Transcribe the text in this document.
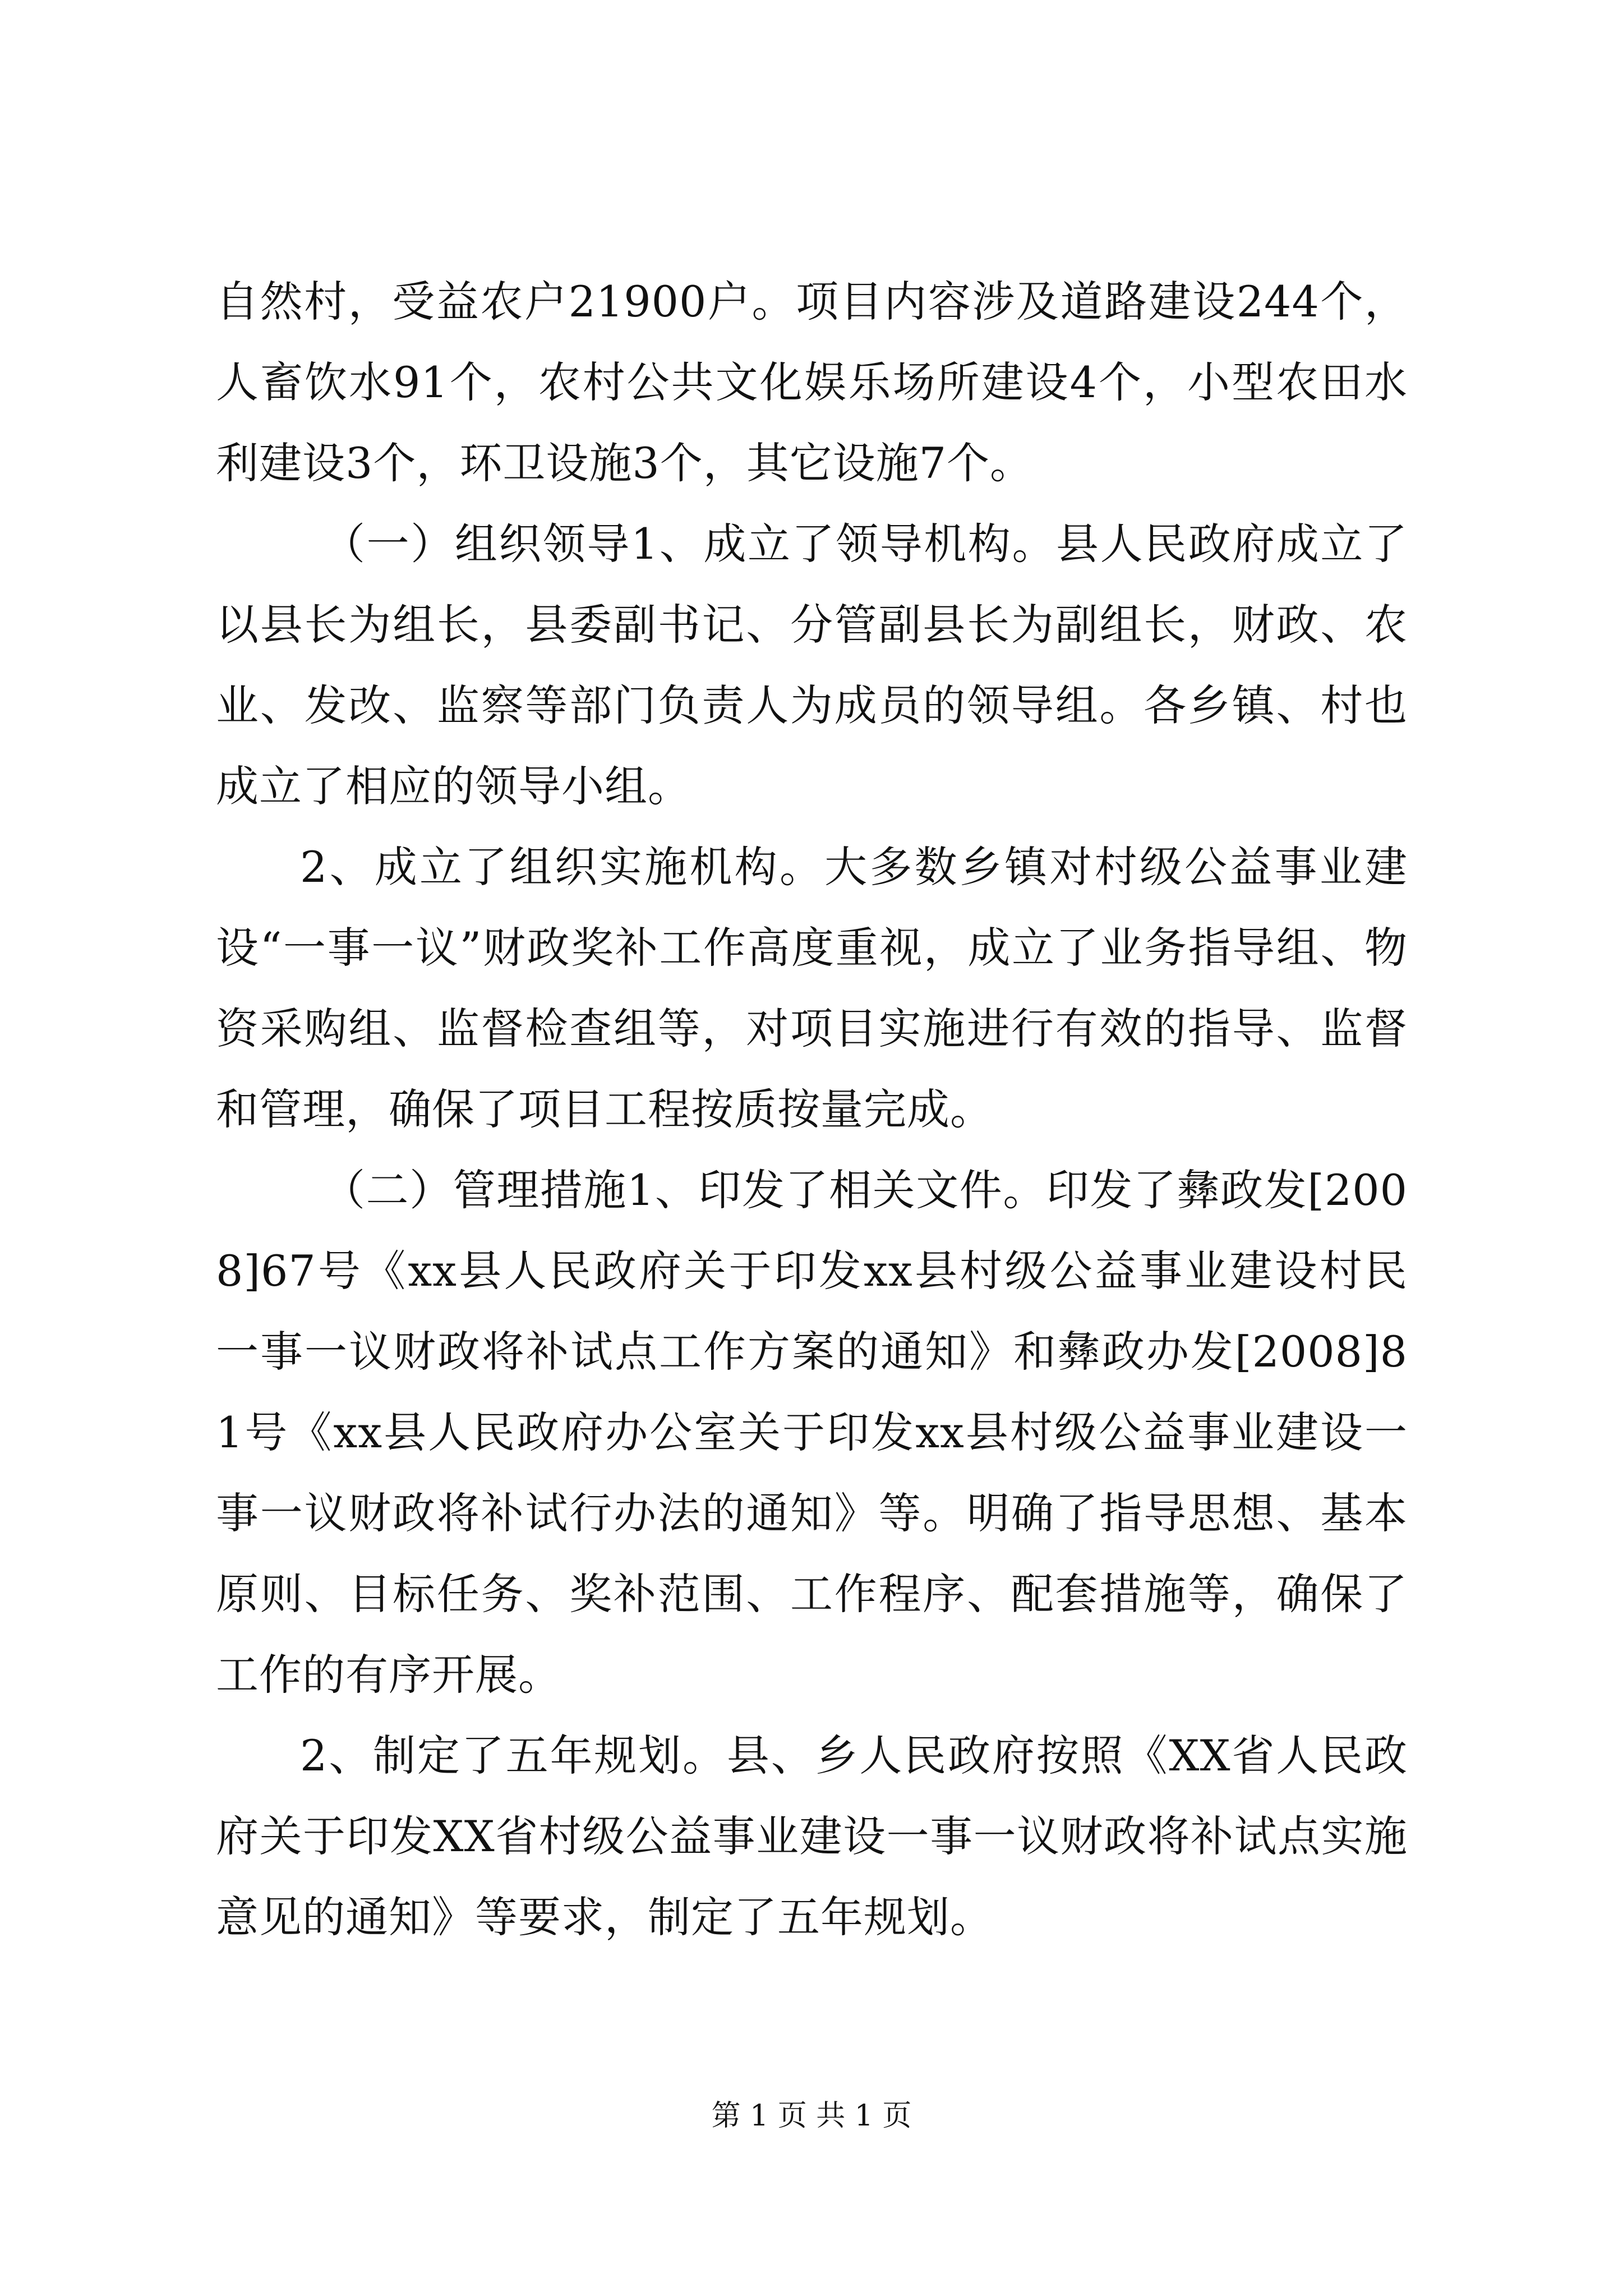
自然村，受益农户21900户。项目内容涉及道路建设244个，人畜饮水91个，农村公共文化娱乐场所建设4个，小型农田水利建设3个，环卫设施3个，其它设施7个。

（一）组织领导1、成立了领导机构。县人民政府成立了以县长为组长，县委副书记、分管副县长为副组长，财政、农业、发改、监察等部门负责人为成员的领导组。各乡镇、村也成立了相应的领导小组。

2、成立了组织实施机构。大多数乡镇对村级公益事业建设“一事一议”财政奖补工作高度重视，成立了业务指导组、物资采购组、监督检查组等，对项目实施进行有效的指导、监督和管理，确保了项目工程按质按量完成。

（二）管理措施1、印发了相关文件。印发了彝政发[2008]67号《xx县人民政府关于印发xx县村级公益事业建设村民一事一议财政将补试点工作方案的通知》和彝政办发[2008]81号《xx县人民政府办公室关于印发xx县村级公益事业建设一事一议财政将补试行办法的通知》等。明确了指导思想、基本原则、目标任务、奖补范围、工作程序、配套措施等，确保了工作的有序开展。

2、制定了五年规划。县、乡人民政府按照《XX省人民政府关于印发XX省村级公益事业建设一事一议财政将补试点实施意见的通知》等要求，制定了五年规划。

第 1 页 共 1 页
